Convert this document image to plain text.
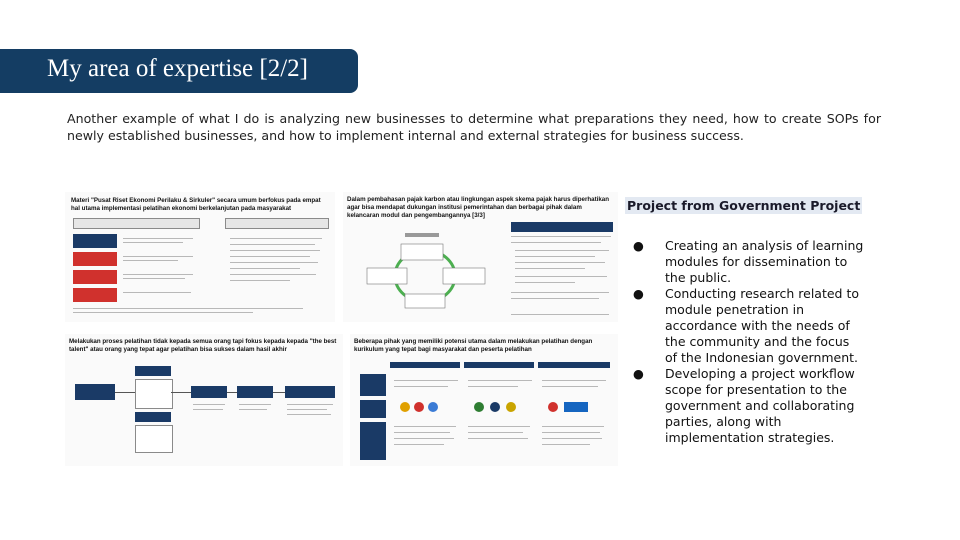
My area of expertise [2/2]
Another example of what I do is analyzing new businesses to determine what preparations they need, how to create SOPs for newly established businesses, and how to implement internal and external strategies for business success.
Materi "Pusat Riset Ekonomi Perilaku & Sirkuler" secara umum berfokus pada empat hal utama implementasi pelatihan ekonomi berkelanjutan pada masyarakat
Dalam pembahasan pajak karbon atau lingkungan aspek skema pajak harus diperhatikan agar bisa mendapat dukungan institusi pemerintahan dan berbagai pihak dalam kelancaran modul dan pengembangannya [3/3]
Melakukan proses pelatihan tidak kepada semua orang tapi fokus kepada kepada "the best talent" atau orang yang tepat agar pelatihan bisa sukses dalam hasil akhir
Beberapa pihak yang memiliki potensi utama dalam melakukan pelatihan dengan kurikulum yang tepat bagi masyarakat dan peserta pelatihan
Project from Government Project
● Creating an analysis of learning modules for dissemination to the public.
● Conducting research related to module penetration in accordance with the needs of the community and the focus of the Indonesian government.
● Developing a project workflow scope for presentation to the government and collaborating parties, along with implementation strategies.
